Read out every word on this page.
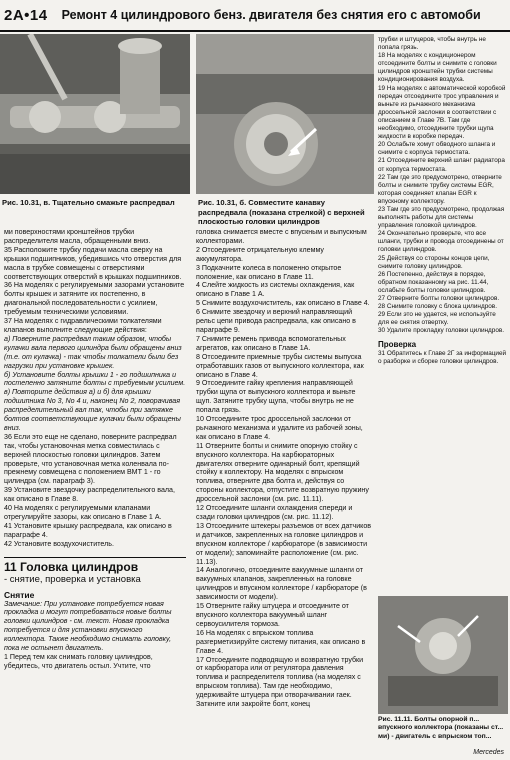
2A•14 Ремонт 4 цилиндрового бенз. двигателя без снятия его с автомоби
Рис. 10.31, в. Тщательно смажьте распредвал	Рис. 10.31, б. Совместите канавку распредвала (показана стрелкой) с верхней плоскостью головки цилиндров

ми поверхностями кронштейнов трубки распределителя масла, обращенными вниз.

35 Расположите трубку подачи масла сверху на крышки подшипников, убедившись что отверстия для масла в трубке совмещены с отверстиями соответствующих отверстий в крышках подшипников.

36 На моделях с регулируемыми зазорами установите болты крышек и затяните их постепенно, в диагональной последовательности с усилием, требуемым техническими условиями.

37 На моделях с гидравлическими толкателями клапанов выполните следующие действия:

а) Поверните распредвал таким образом, чтобы кулачки вала первого цилиндра были обращены вниз (т.е. от кулачка) - так чтобы толкатели были без нагрузки при установке крышек.

б) Установите болты крышки 1 - го подшипника и постепенно затяните болты с требуемым усилием.

в) Повторите действия а) и б) для крышки подшипника No 3, No 4 и, наконец No 2, поворачивая распределительный вал так, чтобы при затяжке болтов соответствующие кулачки были обращены вниз.

36 Если это еще не сделано, поверните распредвал так, чтобы установочная метка совместилась с верхней плоскостью головки цилиндров. Затем проверьте, что установочная метка коленвала по-прежнему совмещена с положением ВМТ 1 - го цилиндра (см. параграф 3).

39 Установите звездочку распределительного вала, как описано в Главе 8.

40 На моделях с регулируемыми клапанами отрегулируйте зазоры, как описано в Главе 1 А.

41 Установите крышку распредвала, как описано в параграфе 4.

42 Установите воздухочиститель.

11 Головка цилиндров
- снятие, проверка и установка
Снятие

Замечание: При установке потребуется новая прокладка и могут потребоваться новые болты головки цилиндров - см. текст. Новая прокладка потребуется и для установки впускного коллектора. Также необходимо снимать головку, пока не остынет двигатель.

1 Перед тем как снимать головку цилиндров, убедитесь, что двигатель остыл. Учтите, что

головка снимается вместе с впускным и выпускным коллекторами.

2 Отсоедините отрицательную клемму аккумулятора.

3 Подкачните колеса в положенно открытое положение, как описано в Главе 11.

4 Слейте жидкость из системы охлаждения, как описано в Главе 1 А.

5 Снимите воздухочиститель, как описано в Главе 4.

6 Снимите звездочку и верхний направляющий рельс цепи привода распредвала, как описано в параграфе 9.

7 Снимите ремень привода вспомогательных агрегатов, как описано в Главе 1А.

8 Отсоедините приемные трубы системы выпуска отработавших газов от выпускного коллектора, как описано в Главе 4.

9 Отсоедините гайку крепления направляющей трубки щупа от выпускного коллектора и выньте щуп. Затяните трубку щупа, чтобы внутрь не не попала грязь.

10 Отсоедините трос дроссельной заслонки от рычажного механизма и удалите из рабочей зоны, как описано в Главе 4.

11 Отверните болты и снимите опорную стойку с впускного коллектора. На карбюраторных двигателях отверните одинарный болт, крепящий стойку к коллектору. На моделях с впрыском топлива, отверните два болта и, действуя со стороны коллектора, отпустите возвратную пружину дроссельной заслонки (см. рис. 11.11).

12 Отсоедините шланги охлаждения спереди и сзади головки цилиндров (см. рис. 11.12).

13 Отсоедините штекеры разъемов от всех датчиков и датчиков, закрепленных на головке цилиндров и впускном коллекторе / карбюраторе (в зависимости от модели); запоминайте расположение (см. рис. 11.13).

14 Аналогично, отсоедините вакуумные шланги от вакуумных клапанов, закрепленных на головке цилиндров и впускном коллекторе / карбюраторе (в зависимости от модели).

15 Отверните гайку штуцера и отсоедините от впускного коллектора вакуумный шланг сервоусилителя тормоза.

16 На моделях с впрыском топлива разгерметизируйте систему питания, как описано в Главе 4.

17 Отсоедините подводящую и возвратную трубки от карбюратора или от регулятора давления топлива и распределителя топлива (на моделях с впрыском топлива). Там где необходимо, удерживайте штуцера при отворачивании гаек. Заткните или закройте болт, конец

трубки и штуцеров, чтобы внутрь не попала грязь.

18 На моделях с кондиционером отсоедините болты и снимите с головки цилиндров кронштейн трубки системы кондиционирования воздуха.

19 На моделях с автоматической коробкой передач отсоедините трос управления и выньте из рычажного механизма дроссельной заслонки в соответствии с описанием в Главе 7В. Там где необходимо, отсоедините трубки щупа жидкости в коробке передач.

20 Ослабьте хомут обводного шланга и снимите с корпуса термостата.

21 Отсоедините верхний шланг радиатора от корпуса термостата.

22 Там где это предусмотрено, отверните болты и снимите трубку системы EGR, которая соединяет клапан EGR к впускному коллектору.

23 Там где это предусмотрено, продолжая выполнять работы для системы управления головкой цилиндров.

24 Окончательно проверьте, что все шланги, трубки и провода отсоединены от головки цилиндров.

25 Действуя со стороны концов цепи, снимите головку цилиндров.

26 Постепенно, действуя в порядке, обратном показанному на рис. 11.44, ослабьте болты головки цилиндров.

27 Отверните болты головки цилиндров.

28 Снимите головку с блока цилиндров.

29 Если это не удается, не используйте для ее снятия отвертку.

30 Удалите прокладку головки цилиндров.

Проверка

31 Обратитесь к Главе 2Г за информацией о разборке и сборке головки цилиндров.

Рис. 11.11. Болты опорной п... впускного коллектора (показаны ст... ми) - двигатель с впрыском топ...
Mercedes
